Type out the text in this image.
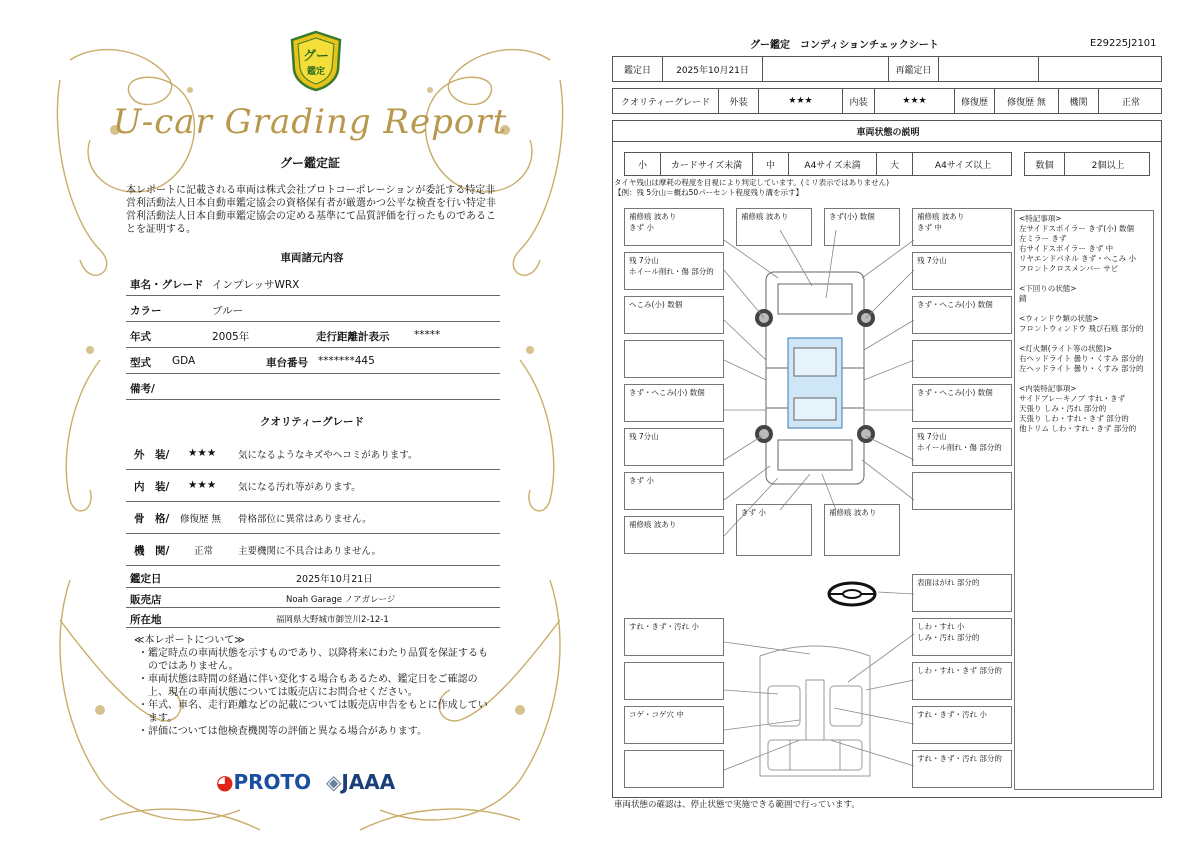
グー
鑑定
U-car Grading Report
グー鑑定証
本レポートに記載される車両は株式会社プロトコーポレーションが委託する特定非営利活動法人日本自動車鑑定協会の資格保有者が厳選かつ公平な検査を行い特定非営利活動法人日本自動車鑑定協会の定める基準にて品質評価を行ったものであることを証明する。
車両諸元内容
車名・グレード インプレッサWRX
カラー	ブルー
年式	2005年	走行距離計表示 *****
型式 GDA	車台番号 *******445
備考/
クオリティーグレード
外　装/ ★★★ 気になるようなキズやヘコミがあります。
内　装/ ★★★ 気になる汚れ等があります。
骨　格/ 修復歴 無 骨格部位に異常はありません。
機　関/	正常	主要機関に不具合はありません。
鑑定日	2025年10月21日
販売店	Noah Garage ノアガレージ
所在地	福岡県大野城市御笠川2-12-1
≪本レポートについて≫
・鑑定時点の車両状態を示すものであり、以降将来にわたり品質を保証するものではありません。
・車両状態は時間の経過に伴い変化する場合もあるため、鑑定日をご確認の上、現在の車両状態については販売店にお問合せください。
・年式、車名、走行距離などの記載については販売店申告をもとに作成しています。
・評価については他検査機関等の評価と異なる場合があります。
◕PROTO ◈JAAA
グー鑑定　コンディションチェックシート	E29225J2101
鑑定日	2025年10月21日	再鑑定日
クオリティーグレード	外装	★★★	内装	★★★	修復歴	修復歴 無	機関	正常
車両状態の説明
小	カードサイズ未満	中	A4サイズ未満	大	A4サイズ以上	数個	2個以上
タイヤ残山は摩耗の程度を目視により判定しています。(ミリ表示ではありません)
【例：残 5分山＝概ね50パーセント程度残り溝を示す】
補修痕 波あり
きず 小
補修痕 波あり	きず(小) 数個	補修痕 波あり
きず 中
残 7分山
ホイール削れ・傷 部分的
残 7分山
へこみ(小) 数個	きず・へこみ(小) 数個
きず・へこみ(小) 数個	きず・へこみ(小) 数個
残 7分山	残 7分山
ホイール削れ・傷 部分的
きず 小
補修痕 波あり
きず 小	補修痕 波あり
表面はがれ 部分的
すれ・きず・汚れ 小	しわ・すれ 小
しみ・汚れ 部分的
しわ・すれ・きず 部分的
コゲ・コゲ穴 中	すれ・きず・汚れ 小
すれ・きず・汚れ 部分的
<特記事項>
左サイドスポイラー きず(小) 数個
左ミラー きず
右サイドスポイラー きず 中
リヤエンドパネル きず・へこみ 小
フロントクロスメンバー サビ
<下回りの状態>
錆
<ウィンドウ類の状態>
フロントウィンドウ 飛び石痕 部分的
<灯火類(ライト等の状態)>
右ヘッドライト 曇り・くすみ 部分的
左ヘッドライト 曇り・くすみ 部分的
<内装特記事項>
サイドブレーキノブ すれ・きず
天張り しみ・汚れ 部分的
天張り しわ・すれ・きず 部分的
他トリム しわ・すれ・きず 部分的
車両状態の確認は、停止状態で実施できる範囲で行っています。
